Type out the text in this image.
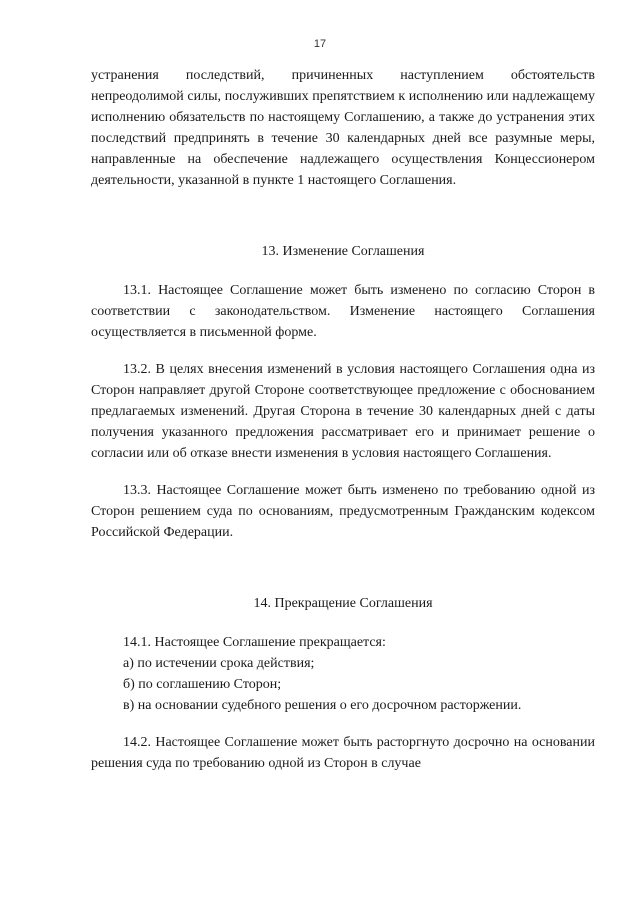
17

устранения последствий, причиненных наступлением обстоятельств непреодолимой силы, послуживших препятствием к исполнению или надлежащему исполнению обязательств по настоящему Соглашению, а также до устранения этих последствий предпринять в течение 30 календарных дней все разумные меры, направленные на обеспечение надлежащего осуществления Концессионером деятельности, указанной в пункте 1 настоящего Соглашения.

13. Изменение Соглашения

13.1. Настоящее Соглашение может быть изменено по согласию Сторон в соответствии с законодательством. Изменение настоящего Соглашения осуществляется в письменной форме.

13.2. В целях внесения изменений в условия настоящего Соглашения одна из Сторон направляет другой Стороне соответствующее предложение с обоснованием предлагаемых изменений. Другая Сторона в течение 30 календарных дней с даты получения указанного предложения рассматривает его и принимает решение о согласии или об отказе внести изменения в условия настоящего Соглашения.

13.3. Настоящее Соглашение может быть изменено по требованию одной из Сторон решением суда по основаниям, предусмотренным Гражданским кодексом Российской Федерации.

14. Прекращение Соглашения

14.1. Настоящее Соглашение прекращается:

а) по истечении срока действия;

б) по соглашению Сторон;

в) на основании судебного решения о его досрочном расторжении.

14.2. Настоящее Соглашение может быть расторгнуто досрочно на основании решения суда по требованию одной из Сторон в случае
